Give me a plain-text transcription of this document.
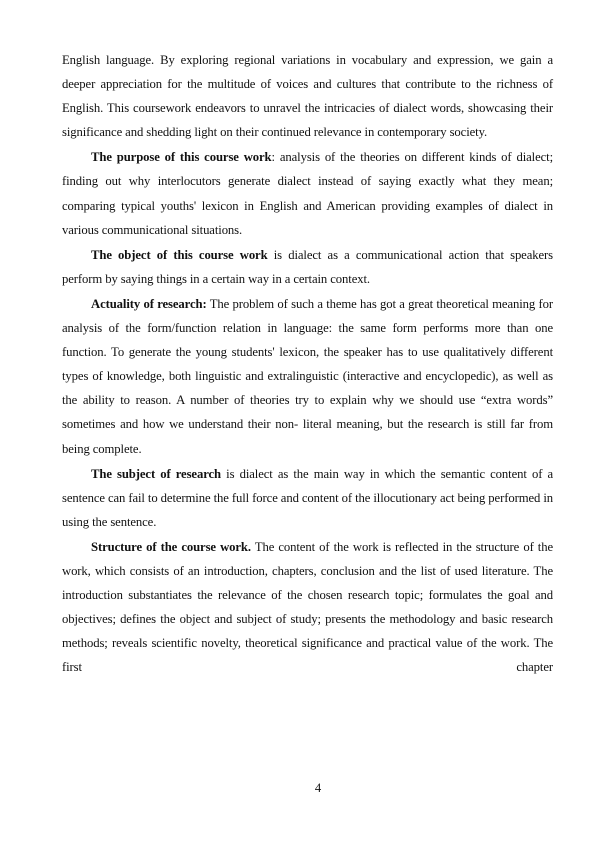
English language. By exploring regional variations in vocabulary and expression, we gain a deeper appreciation for the multitude of voices and cultures that contribute to the richness of English. This coursework endeavors to unravel the intricacies of dialect words, showcasing their significance and shedding light on their continued relevance in contemporary society.

The purpose of this course work: analysis of the theories on different kinds of dialect; finding out why interlocutors generate dialect instead of saying exactly what they mean; comparing typical youths' lexicon in English and American providing examples of dialect in various communicational situations.

The object of this course work is dialect as a communicational action that speakers perform by saying things in a certain way in a certain context.

Actuality of research: The problem of such a theme has got a great theoretical meaning for analysis of the form/function relation in language: the same form performs more than one function. To generate the young students' lexicon, the speaker has to use qualitatively different types of knowledge, both linguistic and extralinguistic (interactive and encyclopedic), as well as the ability to reason. A number of theories try to explain why we should use “extra words” sometimes and how we understand their non- literal meaning, but the research is still far from being complete.

The subject of research is dialect as the main way in which the semantic content of a sentence can fail to determine the full force and content of the illocutionary act being performed in using the sentence.

Structure of the course work. The content of the work is reflected in the structure of the work, which consists of an introduction, chapters, conclusion and the list of used literature. The introduction substantiates the relevance of the chosen research topic; formulates the goal and objectives; defines the object and subject of study; presents the methodology and basic research methods; reveals scientific novelty, theoretical significance and practical value of the work. The first chapter

4
